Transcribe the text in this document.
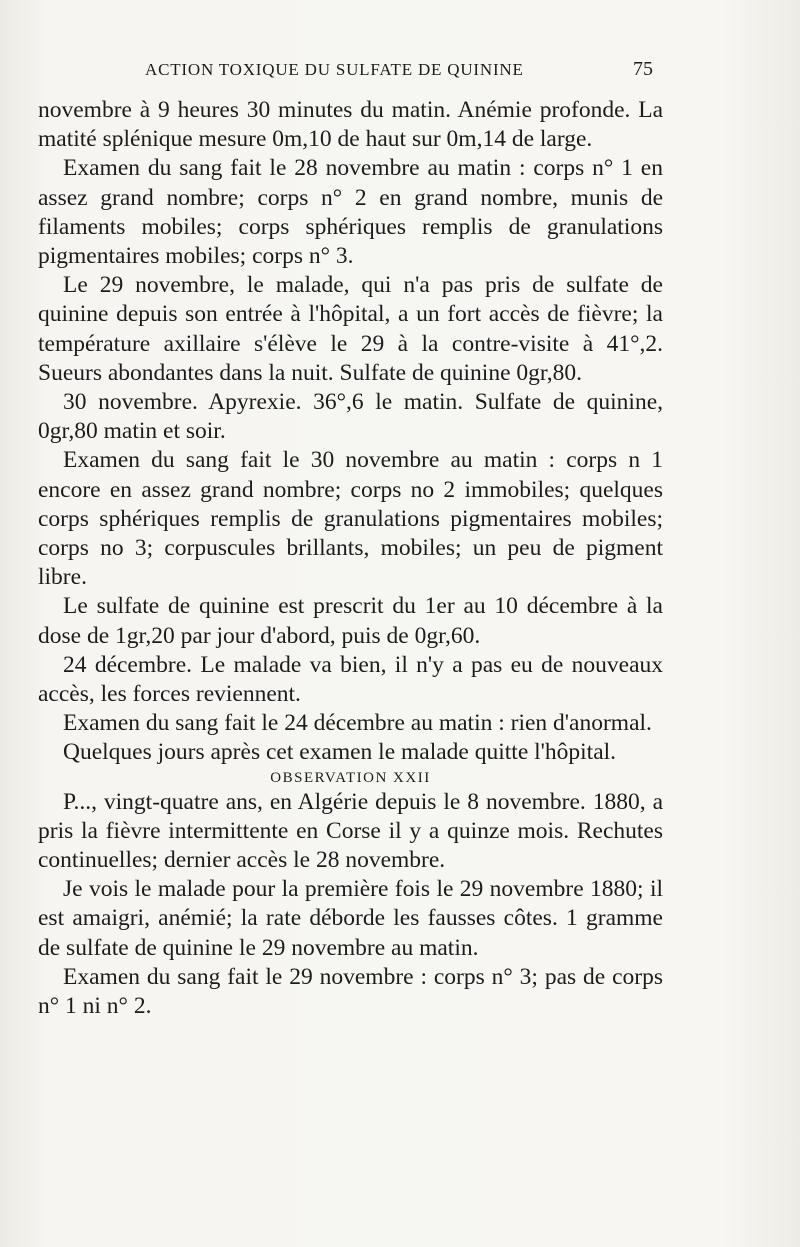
ACTION TOXIQUE DU SULFATE DE QUININE	75

novembre à 9 heures 30 minutes du matin. Anémie profonde. La matité splénique mesure 0m,10 de haut sur 0m,14 de large.

Examen du sang fait le 28 novembre au matin : corps n° 1 en assez grand nombre; corps n° 2 en grand nombre, munis de filaments mobiles; corps sphériques remplis de granulations pigmentaires mobiles; corps n° 3.

Le 29 novembre, le malade, qui n'a pas pris de sulfate de quinine depuis son entrée à l'hôpital, a un fort accès de fièvre; la température axillaire s'élève le 29 à la contre-visite à 41°,2. Sueurs abondantes dans la nuit. Sulfate de quinine 0gr,80.

30 novembre. Apyrexie. 36°,6 le matin. Sulfate de quinine, 0gr,80 matin et soir.

Examen du sang fait le 30 novembre au matin : corps n 1 encore en assez grand nombre; corps no 2 immobiles; quelques corps sphériques remplis de granulations pigmentaires mobiles; corps no 3; corpuscules brillants, mobiles; un peu de pigment libre.

Le sulfate de quinine est prescrit du 1er au 10 décembre à la dose de 1gr,20 par jour d'abord, puis de 0gr,60.

24 décembre. Le malade va bien, il n'y a pas eu de nouveaux accès, les forces reviennent.

Examen du sang fait le 24 décembre au matin : rien d'anormal.

Quelques jours après cet examen le malade quitte l'hôpital.

OBSERVATION XXII

P..., vingt-quatre ans, en Algérie depuis le 8 novembre. 1880, a pris la fièvre intermittente en Corse il y a quinze mois. Rechutes continuelles; dernier accès le 28 novembre.

Je vois le malade pour la première fois le 29 novembre 1880; il est amaigri, anémié; la rate déborde les fausses côtes. 1 gramme de sulfate de quinine le 29 novembre au matin.

Examen du sang fait le 29 novembre : corps n° 3; pas de corps n° 1 ni n° 2.
